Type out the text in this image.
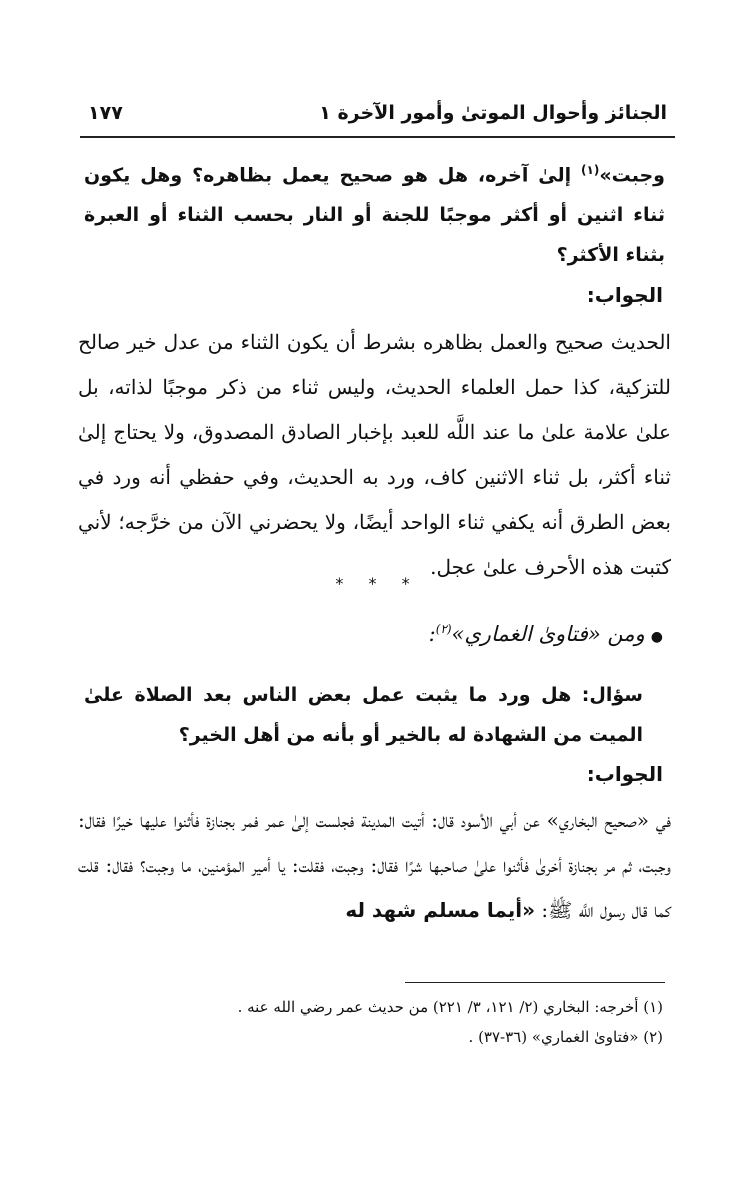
الجنائز وأحوال الموتىٰ وأمور الآخرة ١
١٧٧
وجبت»$^{(١)}$ إلىٰ آخره، هل هو صحيح يعمل بظاهره؟ وهل يكون ثناء اثنين أو أكثر موجبًا للجنة أو النار بحسب الثناء أو العبرة بثناء الأكثر؟
الجواب:
الحديث صحيح والعمل بظاهره بشرط أن يكون الثناء من عدل خير صالح للتزكية، كذا حمل العلماء الحديث، وليس ثناء من ذكر موجبًا لذاته، بل علىٰ علامة علىٰ ما عند اللَّه للعبد بإخبار الصادق المصدوق، ولا يحتاج إلىٰ ثناء أكثر، بل ثناء الاثنين كاف، ورد به الحديث، وفي حفظي أنه ورد في بعض الطرق أنه يكفي ثناء الواحد أيضًا، ولا يحضرني الآن من خرَّجه؛ لأني كتبت هذه الأحرف علىٰ عجل.
* * *
●ومن «فتاوىٰ الغماري»$^{(٢)}$:
سؤال: هل ورد ما يثبت عمل بعض الناس بعد الصلاة علىٰ الميت من الشهادة له بالخير أو بأنه من أهل الخير؟
الجواب:
في «صحيح البخاري» عن أبي الأسود قال: أتيت المدينة فجلست إلىٰ عمر فمر بجنازة فأثنوا عليها خيرًا فقال: وجبت، ثم مر بجنازة أخرىٰ فأثنوا علىٰ صاحبها شرًا فقال: وجبت، فقلت: يا أمير المؤمنين، ما وجبت؟ فقال: قلت كما قال رسول اللَّه ﷺ: «أيما مسلم شهد له
(١) أخرجه: البخاري (٢/ ١٢١، ٣/ ٢٢١) من حديث عمر رضي الله عنه .
(٢) «فتاوىٰ الغماري» (٣٦-٣٧) .
